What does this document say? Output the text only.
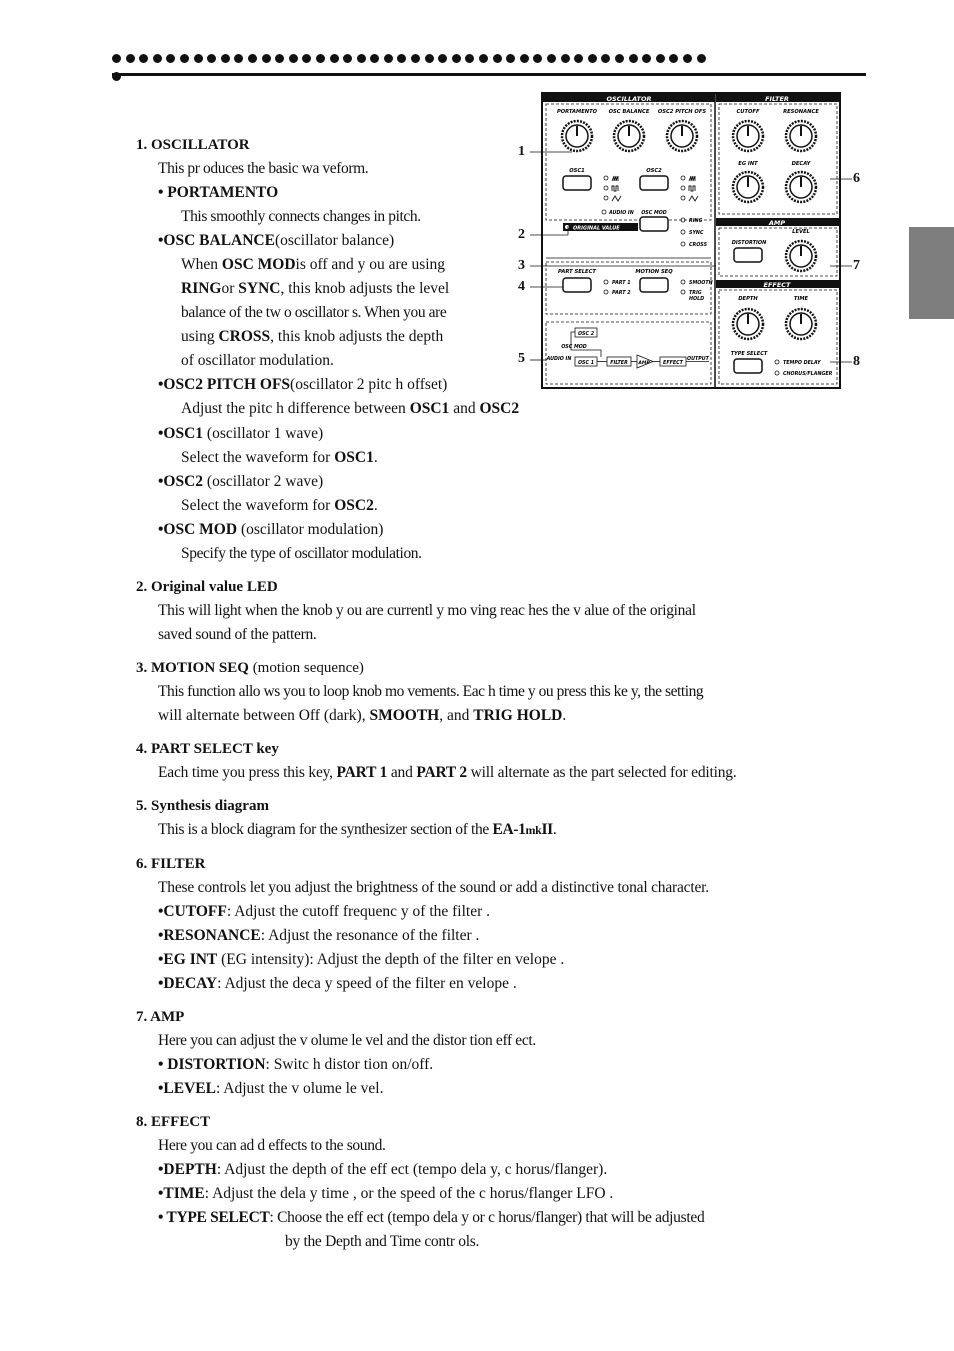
OSCILLATOR	FILTER
PORTAMENTO OSC BALANCE OSC2 PITCH OFS
OSC1	OSC2
AUDIO IN OSC MOD
RING
SYNC
CROSS
ORIGINAL VALUE
PART SELECT
PART 1
PART 2
MOTION SEQ
SMOOTH
TRIG
HOLD
OSC 2
OSC MOD
AUDIO IN
OSC 1	FILTER AMP	EFFECT
OUTPUT
CUTOFF	RESONANCE
EG INT	DECAY
AMP
DISTORTION
LEVEL
EFFECT
DEPTH	TIME
TYPE SELECT
TEMPO DELAY
CHORUS/FLANGER
1
2
3
4
5
6
7
8
1. OSCILLATOR
This pr oduces the basic wa veform.
• PORTAMENTO
This smoothly connects changes in pitch.
•OSC BALANCE(oscillator balance)
When OSC MODis off and y ou are using
RINGor SYNC, this knob adjusts the level
balance of the tw o oscillator s. When you are
using CROSS, this knob adjusts the depth
of oscillator modulation.
•OSC2 PITCH OFS(oscillator 2 pitc h offset)
Adjust the pitc h difference between OSC1 and OSC2
•OSC1 (oscillator 1 wave)
Select the waveform for OSC1.
•OSC2 (oscillator 2 wave)
Select the waveform for OSC2.
•OSC MOD (oscillator modulation)
Specify the type of oscillator modulation.
2. Original value LED
This will light when the knob y ou are currentl y mo ving reac hes the v alue of the original
saved sound of the pattern.
3. MOTION SEQ (motion sequence)
This function allo ws you to loop knob mo vements. Eac h time y ou press this ke y, the setting
will alternate between Off (dark), SMOOTH, and TRIG HOLD.
4. PART SELECT key
Each time you press this key, PART 1 and PART 2 will alternate as the part selected for editing.
5. Synthesis diagram
This is a block diagram for the synthesizer section of the EA-1mkII.
6. FILTER
These controls let you adjust the brightness of the sound or add a distinctive tonal character.
•CUTOFF: Adjust the cutoff frequenc y of the filter .
•RESONANCE: Adjust the resonance of the filter .
•EG INT (EG intensity): Adjust the depth of the filter en velope .
•DECAY: Adjust the deca y speed of the filter en velope .
7. AMP
Here you can adjust the v olume le vel and the distor tion eff ect.
• DISTORTION: Switc h distor tion on/off.
•LEVEL: Adjust the v olume le vel.
8. EFFECT
Here you can ad d effects to the sound.
•DEPTH: Adjust the depth of the eff ect (tempo dela y, c horus/flanger).
•TIME: Adjust the dela y time , or the speed of the c horus/flanger LFO .
• TYPE SELECT: Choose the eff ect (tempo dela y or c horus/flanger) that will be adjusted
by the Depth and Time contr ols.
